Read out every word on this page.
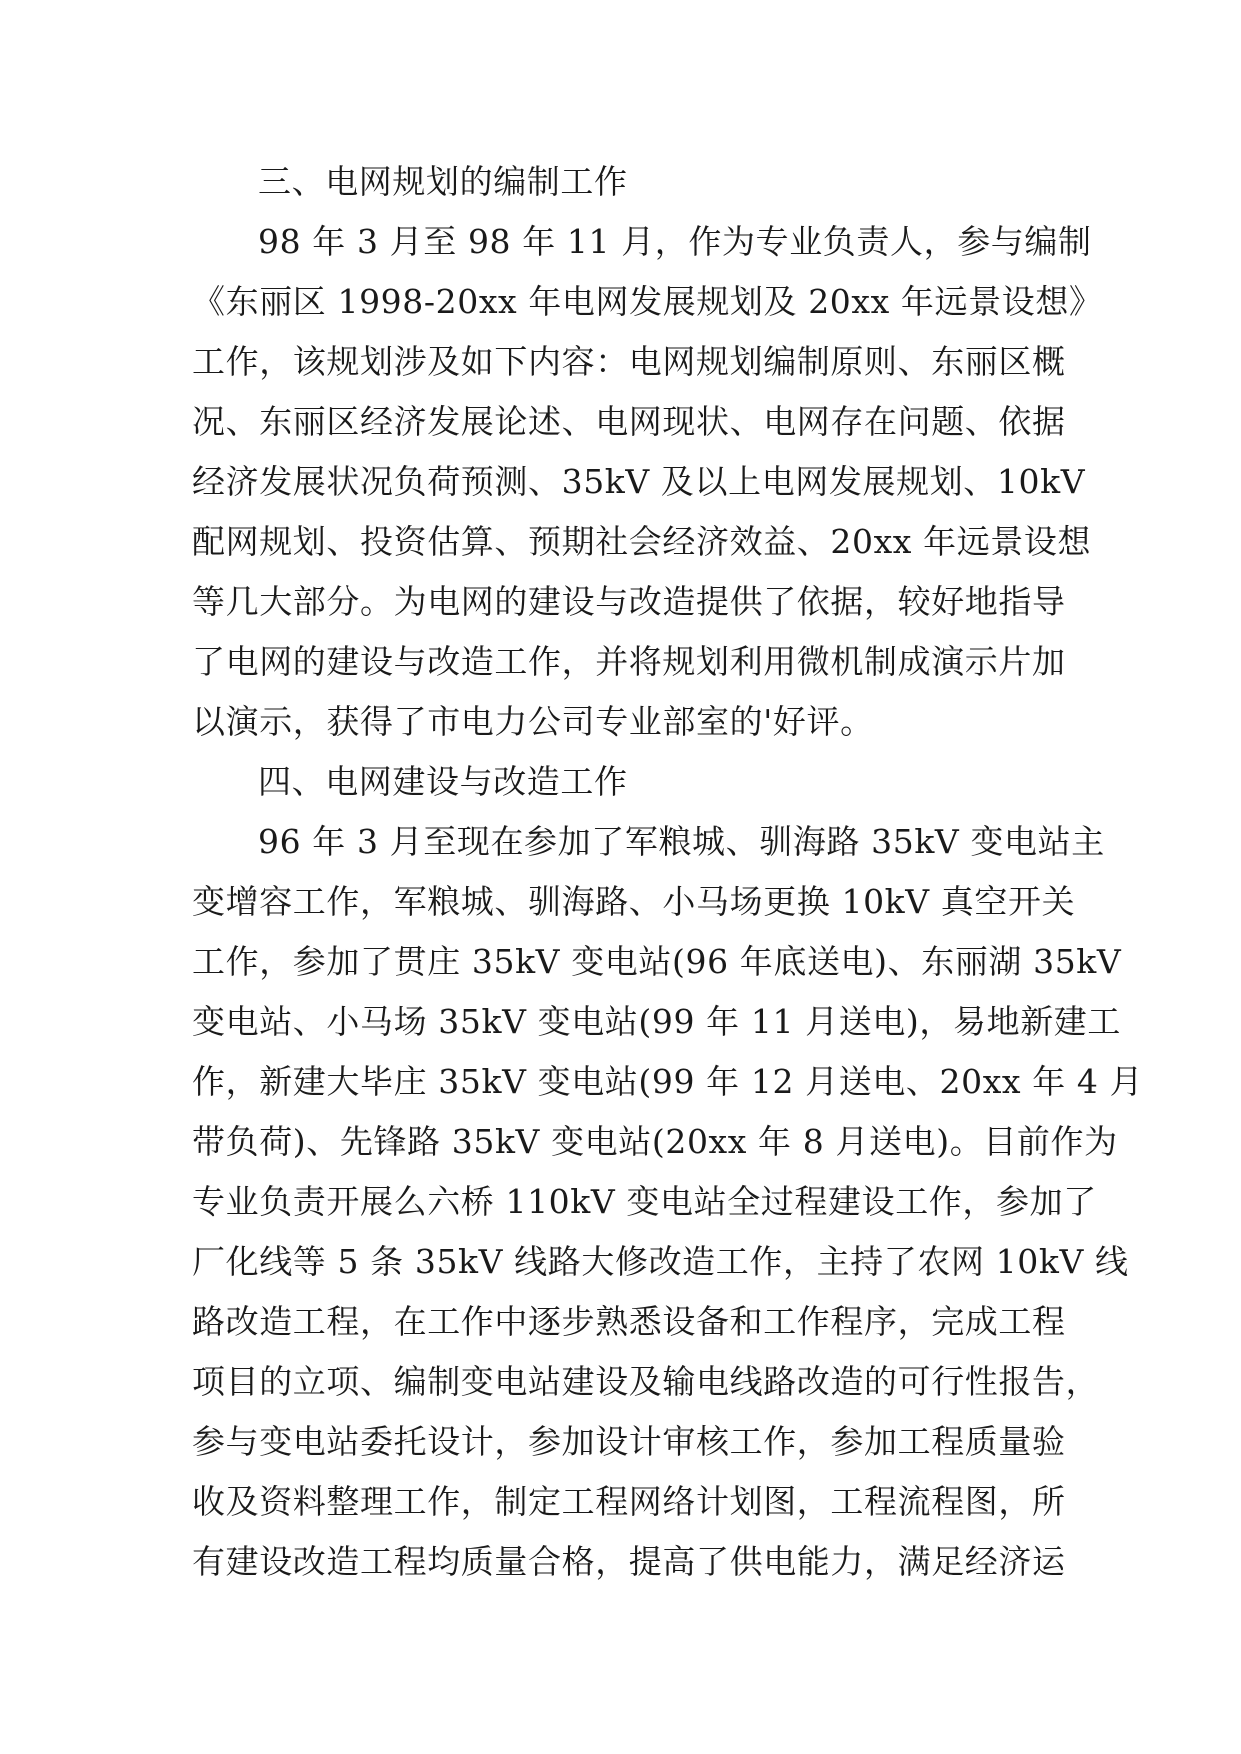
三、电网规划的编制工作
98 年 3 月至 98 年 11 月，作为专业负责人，参与编制
《东丽区 1998-20xx 年电网发展规划及 20xx 年远景设想》
工作，该规划涉及如下内容：电网规划编制原则、东丽区概
况、东丽区经济发展论述、电网现状、电网存在问题、依据
经济发展状况负荷预测、35kV 及以上电网发展规划、10kV
配网规划、投资估算、预期社会经济效益、20xx 年远景设想
等几大部分。为电网的建设与改造提供了依据，较好地指导
了电网的建设与改造工作，并将规划利用微机制成演示片加
以演示，获得了市电力公司专业部室的'好评。
四、电网建设与改造工作
96 年 3 月至现在参加了军粮城、驯海路 35kV 变电站主
变增容工作，军粮城、驯海路、小马场更换 10kV 真空开关
工作，参加了贯庄 35kV 变电站(96 年底送电)、东丽湖 35kV
变电站、小马场 35kV 变电站(99 年 11 月送电)，易地新建工
作，新建大毕庄 35kV 变电站(99 年 12 月送电、20xx 年 4 月
带负荷)、先锋路 35kV 变电站(20xx 年 8 月送电)。目前作为
专业负责开展么六桥 110kV 变电站全过程建设工作，参加了
厂化线等 5 条 35kV 线路大修改造工作，主持了农网 10kV 线
路改造工程，在工作中逐步熟悉设备和工作程序，完成工程
项目的立项、编制变电站建设及输电线路改造的可行性报告，
参与变电站委托设计，参加设计审核工作，参加工程质量验
收及资料整理工作，制定工程网络计划图，工程流程图，所
有建设改造工程均质量合格，提高了供电能力，满足经济运
